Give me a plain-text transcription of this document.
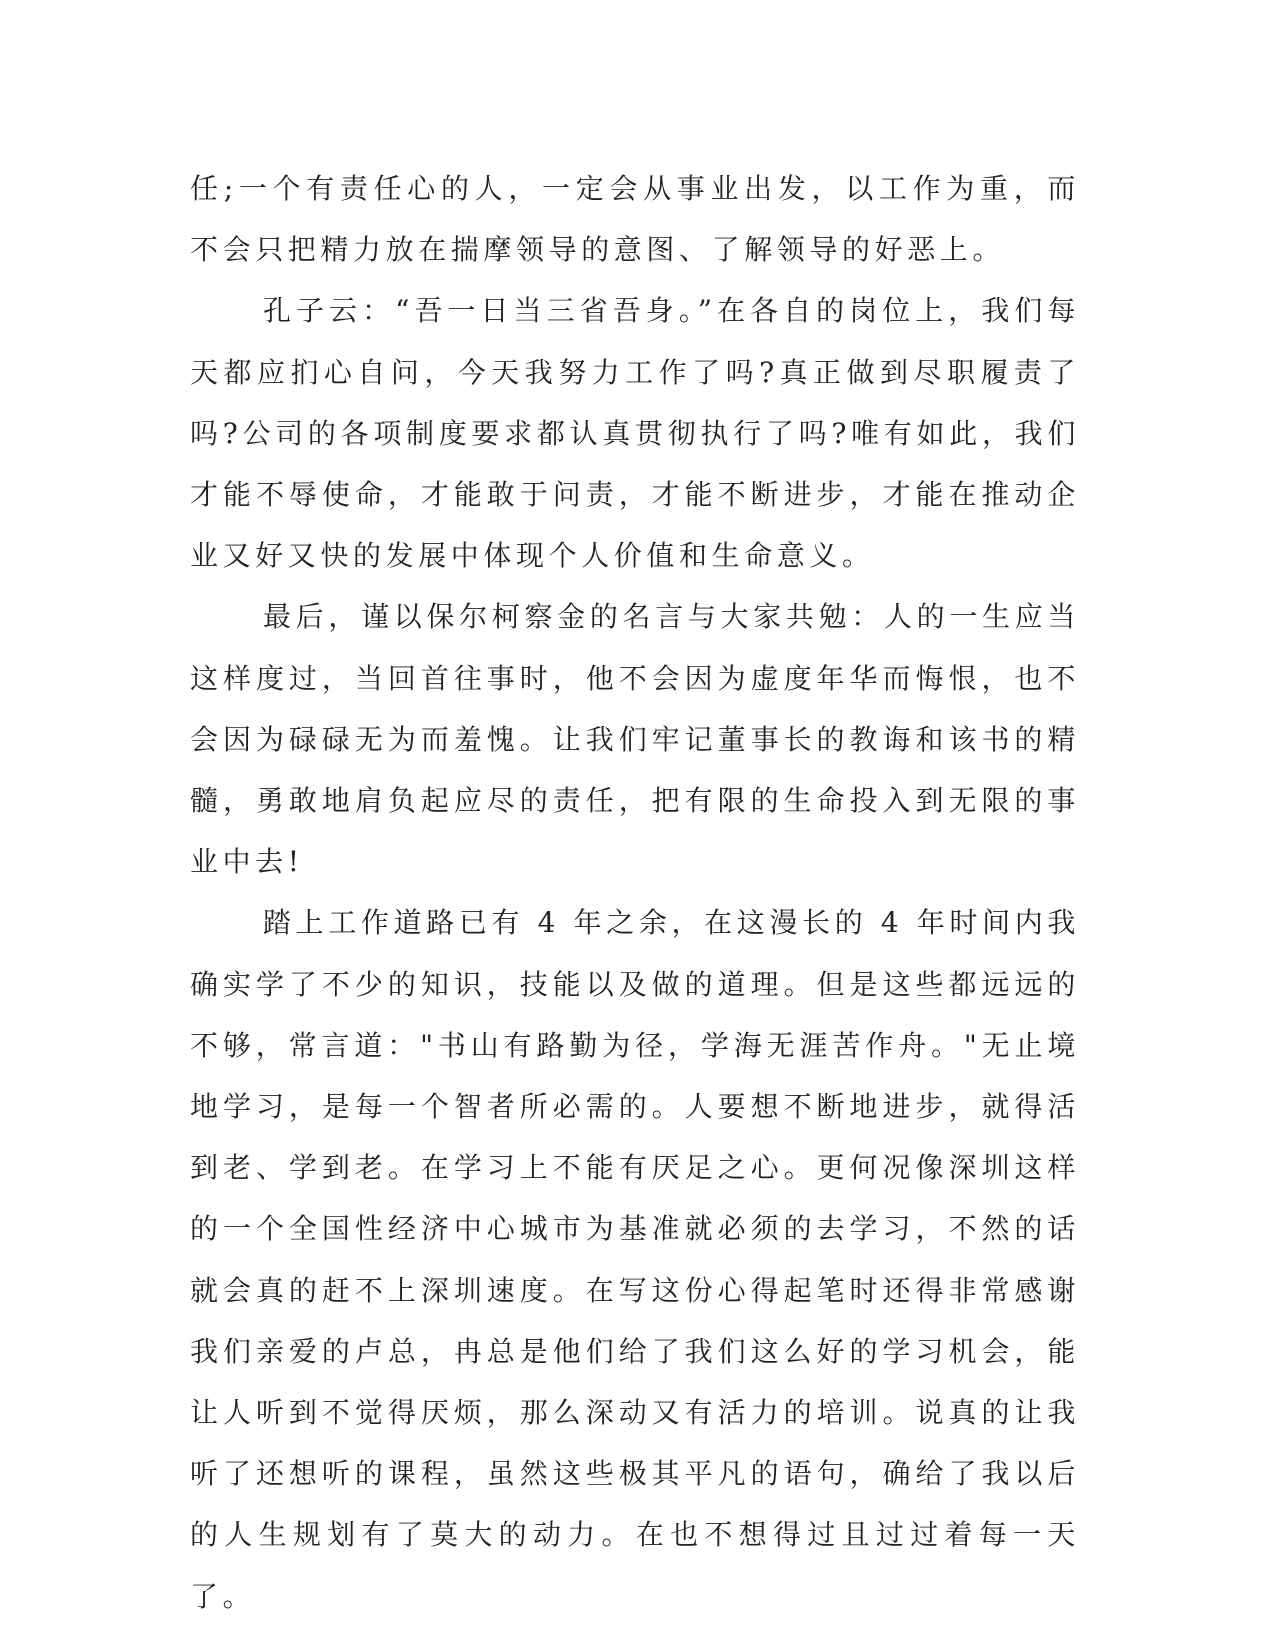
任;一个有责任心的人，一定会从事业出发，以工作为重，而不会只把精力放在揣摩领导的意图、了解领导的好恶上。

孔子云：“吾一日当三省吾身。”在各自的岗位上，我们每天都应扪心自问，今天我努力工作了吗?真正做到尽职履责了吗?公司的各项制度要求都认真贯彻执行了吗?唯有如此，我们才能不辱使命，才能敢于问责，才能不断进步，才能在推动企业又好又快的发展中体现个人价值和生命意义。

最后，谨以保尔柯察金的名言与大家共勉：人的一生应当这样度过，当回首往事时，他不会因为虚度年华而悔恨，也不会因为碌碌无为而羞愧。让我们牢记董事长的教诲和该书的精髓，勇敢地肩负起应尽的责任，把有限的生命投入到无限的事业中去!

踏上工作道路已有 4 年之余，在这漫长的 4 年时间内我确实学了不少的知识，技能以及做的道理。但是这些都远远的不够，常言道："书山有路勤为径，学海无涯苦作舟。"无止境地学习，是每一个智者所必需的。人要想不断地进步，就得活到老、学到老。在学习上不能有厌足之心。更何况像深圳这样的一个全国性经济中心城市为基准就必须的去学习，不然的话就会真的赶不上深圳速度。在写这份心得起笔时还得非常感谢我们亲爱的卢总，冉总是他们给了我们这么好的学习机会，能让人听到不觉得厌烦，那么深动又有活力的培训。说真的让我听了还想听的课程，虽然这些极其平凡的语句，确给了我以后的人生规划有了莫大的动力。在也不想得过且过过着每一天了。
